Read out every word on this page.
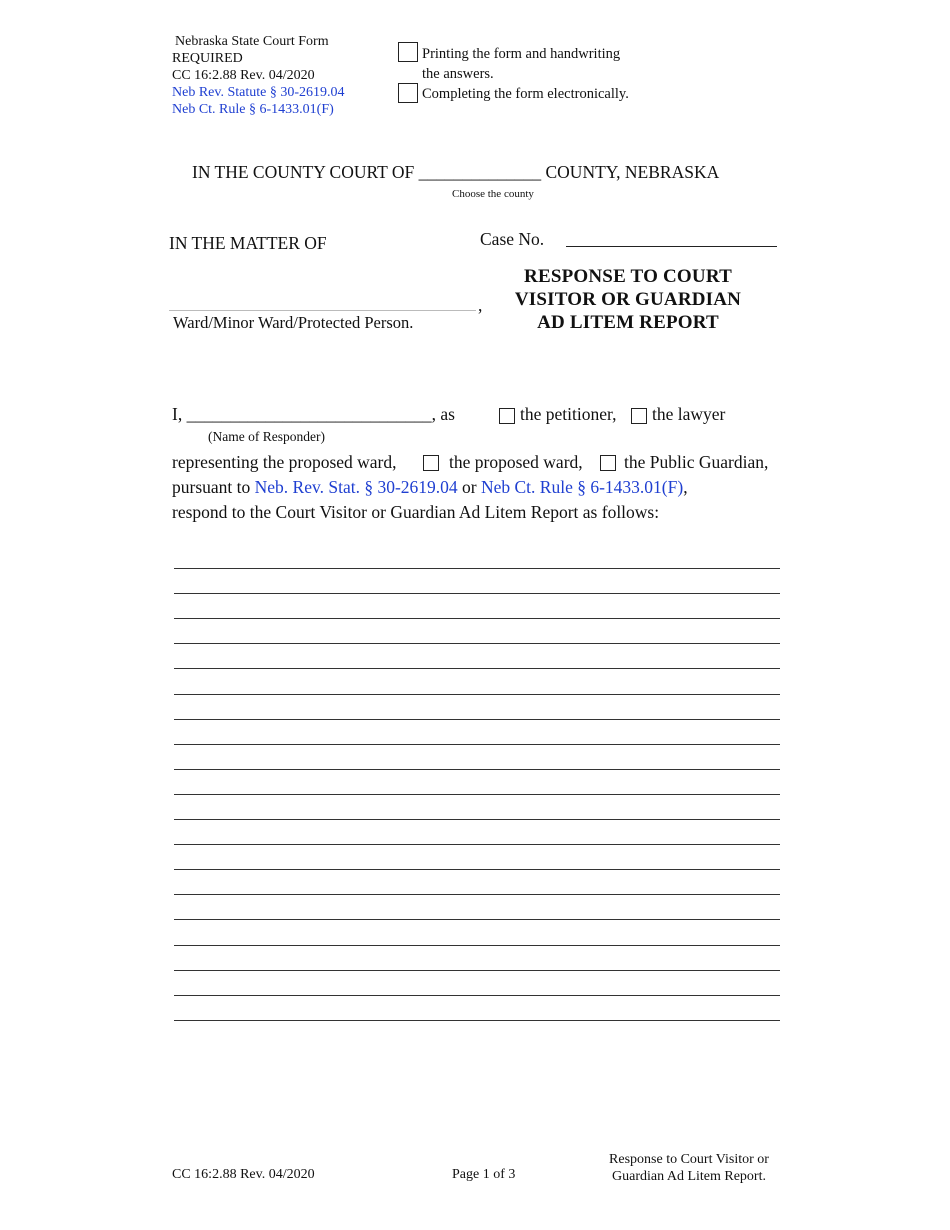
Nebraska State Court Form
REQUIRED
CC 16:2.88 Rev. 04/2020
Neb Rev. Statute § 30-2619.04
Neb Ct. Rule § 6-1433.01(F)
Printing the form and handwriting
the answers.
Completing the form electronically.
IN THE COUNTY COURT OF ______________ COUNTY, NEBRASKA
Choose the county
IN THE MATTER OF	Case No.
,
Ward/Minor Ward/Protected Person.
RESPONSE TO COURT
VISITOR OR GUARDIAN
AD LITEM REPORT
I, ____________________________, as	the petitioner, the lawyer
(Name of Responder)
representing the proposed ward,	the proposed ward, the Public Guardian,
pursuant to Neb. Rev. Stat. § 30-2619.04 or Neb Ct. Rule § 6-1433.01(F),
respond to the Court Visitor or Guardian Ad Litem Report as follows:
CC 16:2.88 Rev. 04/2020	Page 1 of 3
Response to Court Visitor or
Guardian Ad Litem Report.
